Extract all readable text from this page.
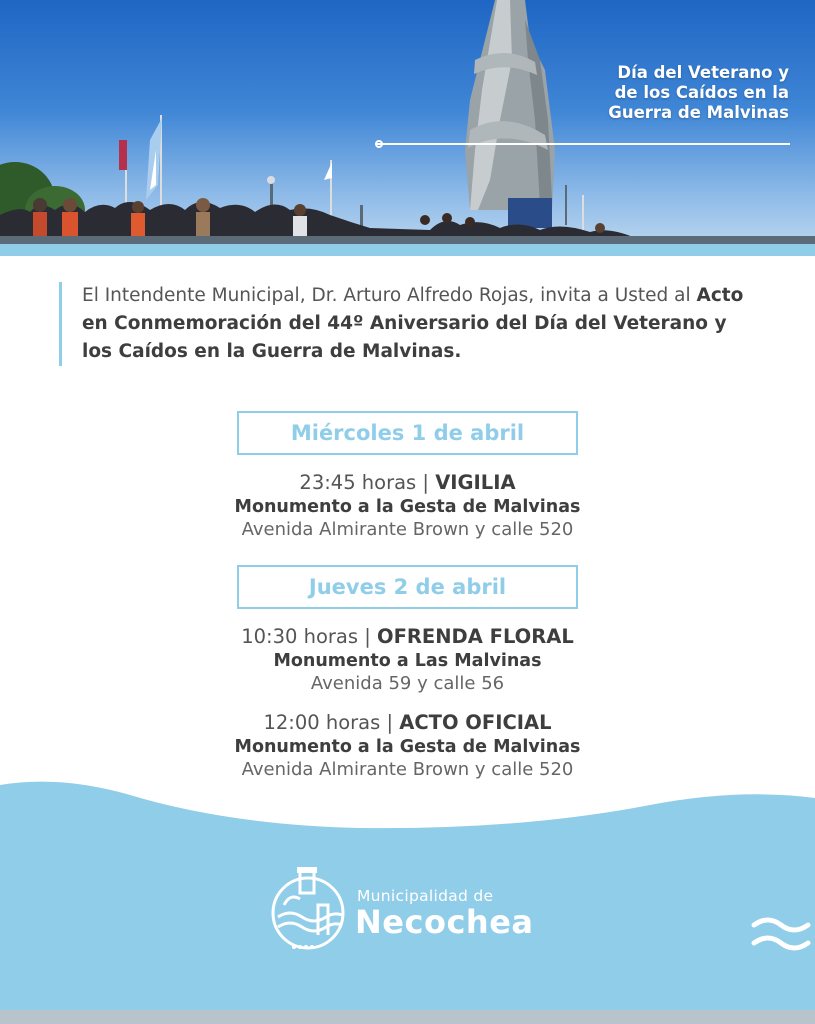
Día del Veterano y
de los Caídos en la
Guerra de Malvinas
El Intendente Municipal, Dr. Arturo Alfredo Rojas, invita a Usted al Acto en Conmemoración del 44º Aniversario del Día del Veterano y los Caídos en la Guerra de Malvinas.
Miércoles 1 de abril
23:45 horas | VIGILIA
Monumento a la Gesta de Malvinas
Avenida Almirante Brown y calle 520
Jueves 2 de abril
10:30 horas | OFRENDA FLORAL
Monumento a Las Malvinas
Avenida 59 y calle 56
12:00 horas | ACTO OFICIAL
Monumento a la Gesta de Malvinas
Avenida Almirante Brown y calle 520
Municipalidad de
Necochea
